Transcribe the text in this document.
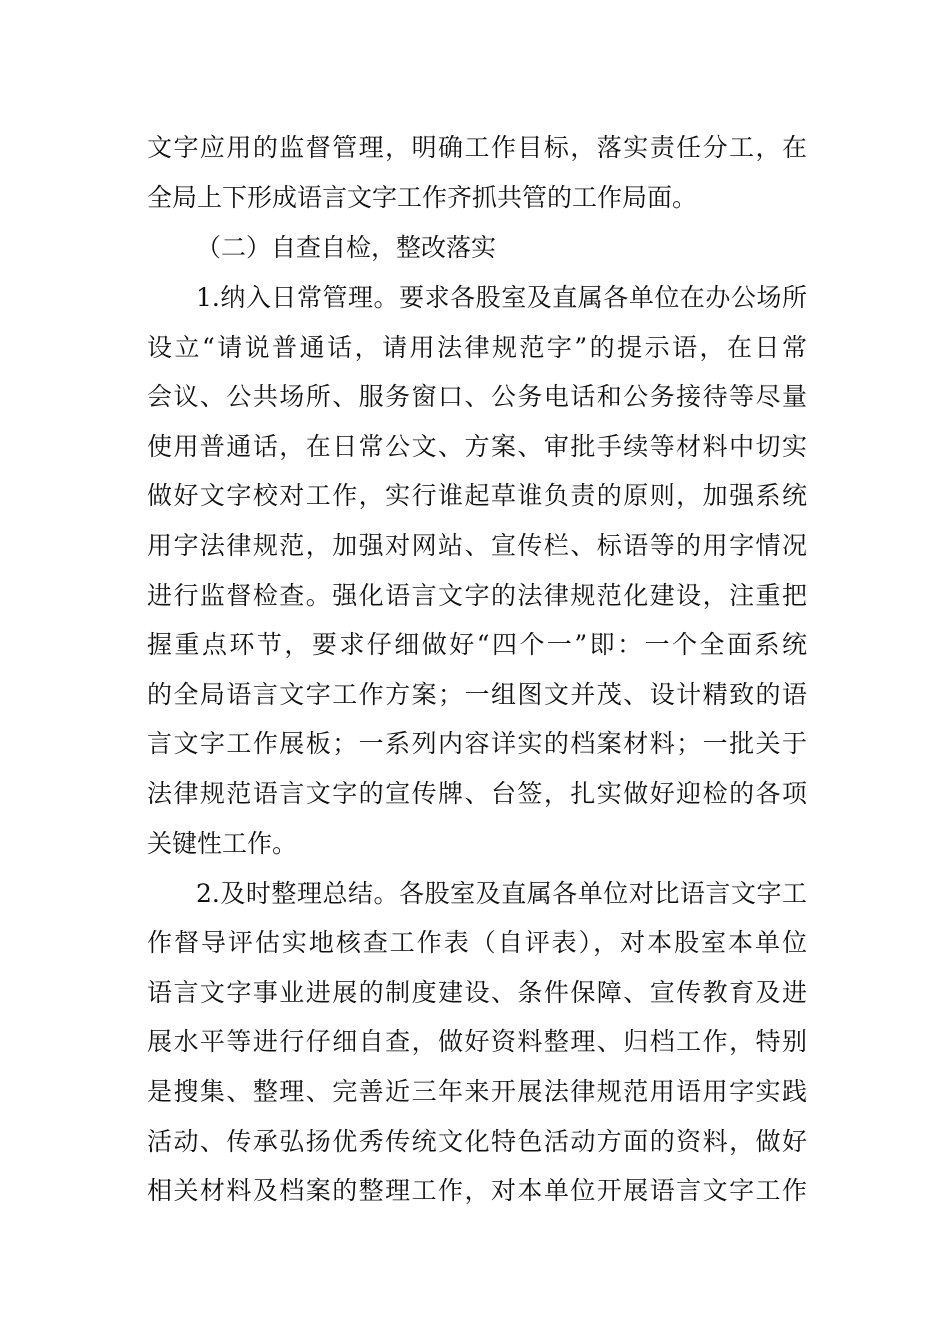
文字应用的监督管理，明确工作目标，落实责任分工，在
全局上下形成语言文字工作齐抓共管的工作局面。
（二）自查自检，整改落实
1.纳入日常管理。要求各股室及直属各单位在办公场所
设立“请说普通话，请用法律规范字”的提示语，在日常
会议、公共场所、服务窗口、公务电话和公务接待等尽量
使用普通话，在日常公文、方案、审批手续等材料中切实
做好文字校对工作，实行谁起草谁负责的原则，加强系统
用字法律规范，加强对网站、宣传栏、标语等的用字情况
进行监督检查。强化语言文字的法律规范化建设，注重把
握重点环节，要求仔细做好“四个一”即：一个全面系统
的全局语言文字工作方案；一组图文并茂、设计精致的语
言文字工作展板；一系列内容详实的档案材料；一批关于
法律规范语言文字的宣传牌、台签，扎实做好迎检的各项
关键性工作。
2.及时整理总结。各股室及直属各单位对比语言文字工
作督导评估实地核查工作表（自评表），对本股室本单位
语言文字事业进展的制度建设、条件保障、宣传教育及进
展水平等进行仔细自查，做好资料整理、归档工作，特别
是搜集、整理、完善近三年来开展法律规范用语用字实践
活动、传承弘扬优秀传统文化特色活动方面的资料，做好
相关材料及档案的整理工作，对本单位开展语言文字工作
